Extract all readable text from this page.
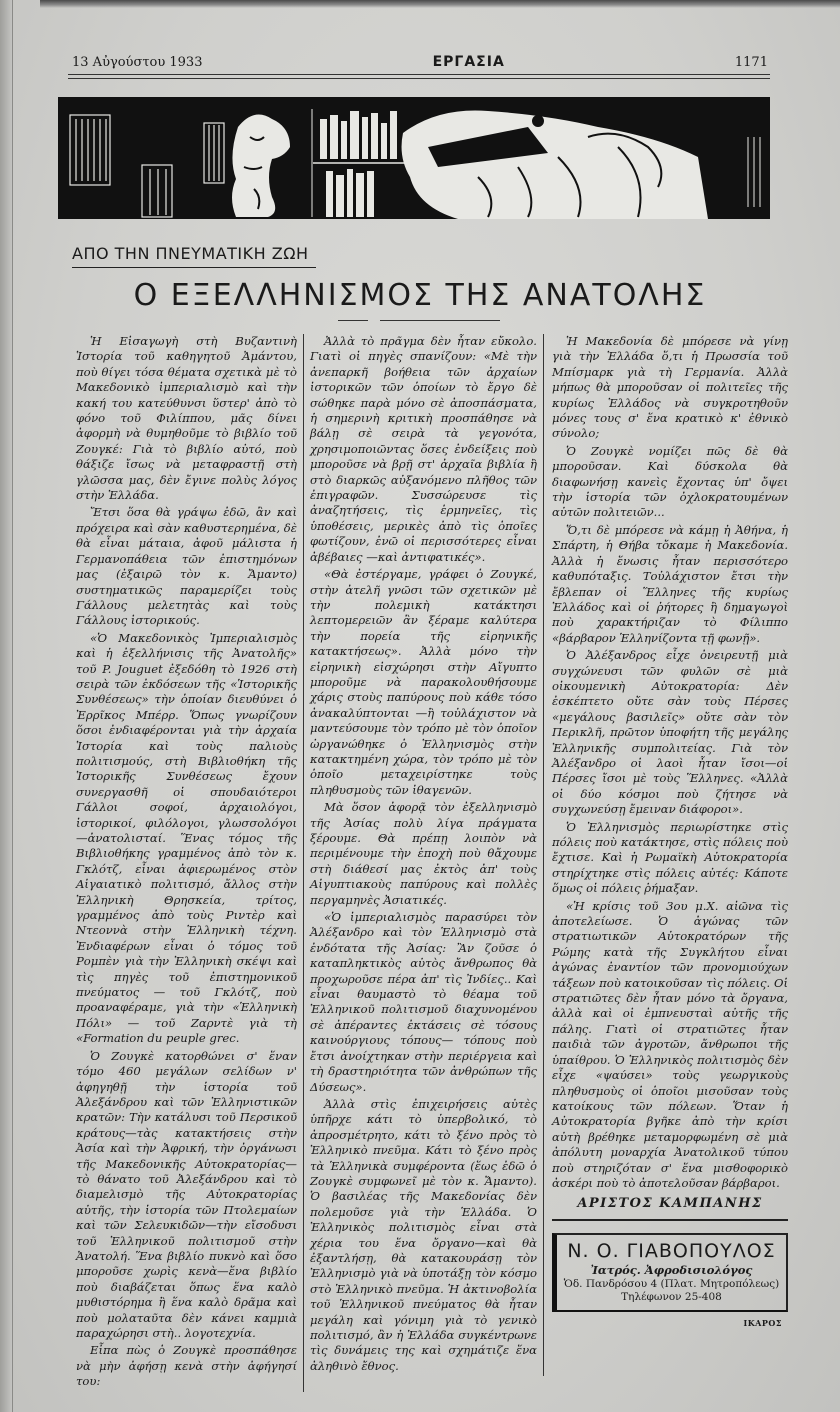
13 Αὐγούστου 1933	ΕΡΓΑΣΙΑ	1171
ΑΠΟ ΤΗΝ ΠΝΕΥΜΑΤΙΚΗ ΖΩΗ
Ο ΕΞΕΛΛΗΝΙΣΜΟΣ ΤΗΣ ΑΝΑΤΟΛΗΣ

Ἡ Εἰσαγωγὴ στὴ Βυζαντινὴ Ἱστορία τοῦ καθηγητοῦ Ἀμάντου, ποὺ θίγει τόσα θέματα σχετικὰ μὲ τὸ Μακεδονικὸ ἰμπεριαλισμὸ καὶ τὴν κακή του κατεύθυνσι ὕστερ' ἀπὸ τὸ φόνο τοῦ Φιλίππου, μᾶς δίνει ἀφορμὴ νὰ θυμηθοῦμε τὸ βιβλίο τοῦ Ζουγκέ: Γιὰ τὸ βιβλίο αὐτό, ποὺ θάξιζε ἴσως νὰ μεταφραστῇ στὴ γλῶσσα μας, δὲν ἔγινε πολὺς λόγος στὴν Ἑλλάδα.

Ἔτσι ὅσα θὰ γράψω ἐδῶ, ἂν καὶ πρόχειρα καὶ σὰν καθυστερημένα, δὲ θὰ εἶναι μάταια, ἀφοῦ μάλιστα ἡ Γερμανοπάθεια τῶν ἐπιστημόνων μας (ἐξαιρῶ τὸν κ. Ἄμαντο) συστηματικῶς παραμερίζει τοὺς Γάλλους μελετητὰς καὶ τοὺς Γάλλους ἱστορικούς.

«Ὁ Μακεδονικὸς Ἰμπεριαλισμὸς καὶ ἡ ἐξελλήνισις τῆς Ἀνατολῆς» τοῦ P. Jouguet ἐξεδόθη τὸ 1926 στὴ σειρὰ τῶν ἐκδόσεων τῆς «Ἱστορικῆς Συνθέσεως» τὴν ὁποίαν διευθύνει ὁ Ἐρρῖκος Μπέρρ. Ὅπως γνωρίζουν ὅσοι ἐνδιαφέρονται γιὰ τὴν ἀρχαία Ἱστορία καὶ τοὺς παλιοὺς πολιτισμούς, στὴ Βιβλιοθήκη τῆς Ἱστορικῆς Συνθέσεως ἔχουν συνεργασθῆ οἱ σπουδαιότεροι Γάλλοι σοφοί, ἀρχαιολόγοι, ἱστορικοί, φιλόλογοι, γλωσσολόγοι—ἀνατολισταί. Ἕνας τόμος τῆς Βιβλιοθήκης γραμμένος ἀπὸ τὸν κ. Γκλότζ, εἶναι ἀφιερωμένος στὸν Αἰγαιατικὸ πολιτισμό, ἄλλος στὴν Ἑλληνικὴ Θρησκεία, τρίτος, γραμμένος ἀπὸ τοὺς Ριντὲρ καὶ Ντεοννὰ στὴν Ἑλληνικὴ τέχνη. Ἐνδιαφέρων εἶναι ὁ τόμος τοῦ Ρομπὲν γιὰ τὴν Ἑλληνικὴ σκέψι καὶ τὶς πηγὲς τοῦ ἐπιστημονικοῦ πνεύματος — τοῦ Γκλότζ, ποὺ προαναφέραμε, γιὰ τὴν «Ἑλληνικὴ Πόλι» — τοῦ Ζαρντὲ γιὰ τὴ «Formation du peuple grec.

Ὁ Ζουγκὲ κατορθώνει σ' ἕναν τόμο 460 μεγάλων σελίδων ν' ἀφηγηθῇ τὴν ἱστορία τοῦ Ἀλεξάνδρου καὶ τῶν Ἑλληνιστικῶν κρατῶν: Τὴν κατάλυσι τοῦ Περσικοῦ κράτους—τὰς κατακτήσεις στὴν Ἀσία καὶ τὴν Ἀφρική, τὴν ὀργάνωσι τῆς Μακεδονικῆς Αὐτοκρατορίας—τὸ θάνατο τοῦ Ἀλεξάνδρου καὶ τὸ διαμελισμὸ τῆς Αὐτοκρατορίας αὐτῆς, τὴν ἱστορία τῶν Πτολεμαίων καὶ τῶν Σελευκιδῶν—τὴν εἴσοδυσι τοῦ Ἑλληνικοῦ πολιτισμοῦ στὴν Ἀνατολή. Ἕνα βιβλίο πυκνὸ καὶ ὅσο μποροῦσε χωρὶς κενὰ—ἕνα βιβλίο ποὺ διαβάζεται ὅπως ἕνα καλὸ μυθιστόρημα ἢ ἕνα καλὸ δρᾶμα καὶ ποὺ μολαταῦτα δὲν κάνει καμμιὰ παραχώρησι στὴ.. λογοτεχνία.

Εἶπα πὼς ὁ Ζουγκὲ προσπάθησε νὰ μὴν ἀφήσῃ κενὰ στὴν ἀφήγησί του:

Ἀλλὰ τὸ πρᾶγμα δὲν ἦταν εὔκολο. Γιατὶ οἱ πηγὲς σπανίζουν: «Μὲ τὴν ἀνεπαρκῆ βοήθεια τῶν ἀρχαίων ἱστορικῶν τῶν ὁποίων τὸ ἔργο δὲ σώθηκε παρὰ μόνο σὲ ἀποσπάσματα, ἡ σημερινὴ κριτικὴ προσπάθησε νὰ βάλῃ σὲ σειρὰ τὰ γεγονότα, χρησιμοποιῶντας ὅσες ἐνδείξεις ποὺ μποροῦσε νὰ βρῇ στ' ἀρχαῖα βιβλία ἢ στὸ διαρκῶς αὐξανόμενο πλῆθος τῶν ἐπιγραφῶν. Συσσώρευσε τὶς ἀναζητήσεις, τὶς ἑρμηνεῖες, τὶς ὑποθέσεις, μερικὲς ἀπὸ τὶς ὁποῖες φωτίζουν, ἐνῶ οἱ περισσότερες εἶναι ἀβέβαιες —καὶ ἀντιφατικές».

«Θὰ ἐστέργαμε, γράφει ὁ Ζουγκέ, στὴν ἀτελῆ γνῶσι τῶν σχετικῶν μὲ τὴν πολεμικὴ κατάκτησι λεπτομερειῶν ἂν ξέραμε καλύτερα τὴν πορεία τῆς εἰρηνικῆς κατακτήσεως». Ἀλλὰ μόνο τὴν εἰρηνικὴ εἰσχώρησι στὴν Αἴγυπτο μποροῦμε νὰ παρακολουθήσουμε χάρις στοὺς παπύρους ποὺ κάθε τόσο ἀνακαλύπτονται —ἢ τοὐλάχιστον νὰ μαντεύσουμε τὸν τρόπο μὲ τὸν ὁποῖον ὠργανώθηκε ὁ Ἑλληνισμὸς στὴν κατακτημένη χώρα, τὸν τρόπο μὲ τὸν ὁποῖο μεταχειρίστηκε τοὺς πληθυσμοὺς τῶν ἰθαγενῶν.

Μὰ ὅσον ἀφορᾷ τὸν ἐξελληνισμὸ τῆς Ἀσίας πολὺ λίγα πράγματα ξέρουμε. Θὰ πρέπῃ λοιπὸν νὰ περιμένουμε τὴν ἐποχὴ ποὺ θἄχουμε στὴ διάθεσί μας ἐκτὸς ἀπ' τοὺς Αἰγυπτιακοὺς παπύρους καὶ πολλὲς περγαμηνὲς Ἀσιατικές.

«Ὁ ἰμπεριαλισμὸς παρασύρει τὸν Ἀλέξανδρο καὶ τὸν Ἑλληνισμὸ στὰ ἐνδότατα τῆς Ἀσίας: Ἂν ζοῦσε ὁ καταπληκτικὸς αὐτὸς ἄνθρωπος θὰ προχωροῦσε πέρα ἀπ' τὶς Ἰνδίες.. Καὶ εἶναι θαυμαστὸ τὸ θέαμα τοῦ Ἑλληνικοῦ πολιτισμοῦ διαχυνομένου σὲ ἀπέραντες ἐκτάσεις σὲ τόσους καινούργιους τόπους— τόπους ποὺ ἔτσι ἀνοίχτηκαν στὴν περιέργεια καὶ τὴ δραστηριότητα τῶν ἀνθρώπων τῆς Δύσεως».

Ἀλλὰ στὶς ἐπιχειρήσεις αὐτὲς ὑπῆρχε κάτι τὸ ὑπερβολικό, τὸ ἀπροσμέτρητο, κάτι τὸ ξένο πρὸς τὸ Ἑλληνικὸ πνεῦμα. Κάτι τὸ ξένο πρὸς τὰ Ἑλληνικὰ συμφέροντα (ἕως ἐδῶ ὁ Ζουγκὲ συμφωνεῖ μὲ τὸν κ. Ἄμαντο). Ὁ βασιλέας τῆς Μακεδονίας δὲν πολεμοῦσε γιὰ τὴν Ἑλλάδα. Ὁ Ἑλληνικὸς πολιτισμὸς εἶναι στὰ χέρια του ἕνα ὄργανο—καὶ θὰ ἐξαντλήσῃ, θὰ κατακουράσῃ τὸν Ἑλληνισμὸ γιὰ νὰ ὑποτάξῃ τὸν κόσμο στὸ Ἑλληνικὸ πνεῦμα. Ἡ ἀκτινοβολία τοῦ Ἑλληνικοῦ πνεύματος θὰ ἦταν μεγάλη καὶ γόνιμη γιὰ τὸ γενικὸ πολιτισμό, ἂν ἡ Ἑλλάδα συγκέντρωνε τὶς δυνάμεις της καὶ σχημάτιζε ἕνα ἀληθινὸ ἔθνος.

Ἡ Μακεδονία δὲ μπόρεσε νὰ γίνῃ γιὰ τὴν Ἑλλάδα ὅ,τι ἡ Πρωσσία τοῦ Μπίσμαρκ γιὰ τὴ Γερμανία. Ἀλλὰ μήπως θὰ μποροῦσαν οἱ πολιτεῖες τῆς κυρίως Ἑλλάδος νὰ συγκροτηθοῦν μόνες τους σ' ἕνα κρατικὸ κ' ἐθνικὸ σύνολο;

Ὁ Ζουγκὲ νομίζει πῶς δὲ θὰ μποροῦσαν. Καὶ δύσκολα θὰ διαφωνήσῃ κανεὶς ἔχοντας ὑπ' ὄψει τὴν ἱστορία τῶν ὀχλοκρατουμένων αὐτῶν πολιτειῶν...

Ὅ,τι δὲ μπόρεσε νὰ κάμῃ ἡ Ἀθήνα, ἡ Σπάρτη, ἡ Θήβα τὄκαμε ἡ Μακεδονία. Ἀλλὰ ἡ ἕνωσις ἦταν περισσότερο καθυπόταξις. Τοὐλάχιστον ἔτσι τὴν ἔβλεπαν οἱ Ἕλληνες τῆς κυρίως Ἑλλάδος καὶ οἱ ῥήτορες ἢ δημαγωγοὶ ποὺ χαρακτήριζαν τὸ Φίλιππο «βάρβαρον Ἑλληνίζοντα τῇ φωνῇ».

Ὁ Ἀλέξανδρος εἶχε ὀνειρευτῇ μιὰ συγχώνευσι τῶν φυλῶν σὲ μιὰ οἰκουμενικὴ Αὐτοκρατορία: Δὲν ἐσκέπτετο οὔτε σὰν τοὺς Πέρσες «μεγάλους βασιλεῖς» οὔτε σὰν τὸν Περικλῆ, πρῶτον ὑποφήτη τῆς μεγάλης Ἑλληνικῆς συμπολιτείας. Γιὰ τὸν Ἀλέξανδρο οἱ λαοὶ ἦταν ἴσοι—οἱ Πέρσες ἴσοι μὲ τοὺς Ἕλληνες. «Ἀλλὰ οἱ δύο κόσμοι ποὺ ζήτησε νὰ συγχωνεύσῃ ἔμειναν διάφοροι».

Ὁ Ἑλληνισμὸς περιωρίστηκε στὶς πόλεις ποὺ κατάκτησε, στὶς πόλεις ποὺ ἔχτισε. Καὶ ἡ Ρωμαϊκὴ Αὐτοκρατορία στηρίχτηκε στὶς πόλεις αὐτές: Κάποτε ὅμως οἱ πόλεις ῥήμαξαν.

«Ἡ κρίσις τοῦ 3ου μ.Χ. αἰῶνα τὶς ἀποτελείωσε. Ὁ ἀγώνας τῶν στρατιωτικῶν Αὐτοκρατόρων τῆς Ρώμης κατὰ τῆς Συγκλήτου εἶναι ἀγώνας ἐναντίον τῶν προνομιούχων τάξεων ποὺ κατοικοῦσαν τὶς πόλεις. Οἱ στρατιῶτες δὲν ἦταν μόνο τὰ ὄργανα, ἀλλὰ καὶ οἱ ἐμπνευσταὶ αὐτῆς τῆς πάλης. Γιατὶ οἱ στρατιῶτες ἦταν παιδιὰ τῶν ἀγροτῶν, ἄνθρωποι τῆς ὑπαίθρου. Ὁ Ἑλληνικὸς πολιτισμὸς δὲν εἶχε «ψαύσει» τοὺς γεωργικοὺς πληθυσμοὺς οἱ ὁποῖοι μισοῦσαν τοὺς κατοίκους τῶν πόλεων. Ὅταν ἡ Αὐτοκρατορία βγῆκε ἀπὸ τὴν κρίσι αὐτὴ βρέθηκε μεταμορφωμένη σὲ μιὰ ἀπόλυτη μοναρχία Ἀνατολικοῦ τύπου ποὺ στηριζόταν σ' ἕνα μισθοφορικὸ ἀσκέρι ποὺ τὸ ἀποτελοῦσαν βάρβαροι.

ΑΡΙΣΤΟΣ ΚΑΜΠΑΝΗΣ

Ν. Ο. ΓΙΑΒΟΠΟΥΛΟΣ
Ἰατρός. Ἀφροδισιολόγος
Ὁδ. Πανδρόσου 4 (Πλατ. Μητροπόλεως)
Τηλέφωνον 25-408
ΙΚΑΡΟΣ
